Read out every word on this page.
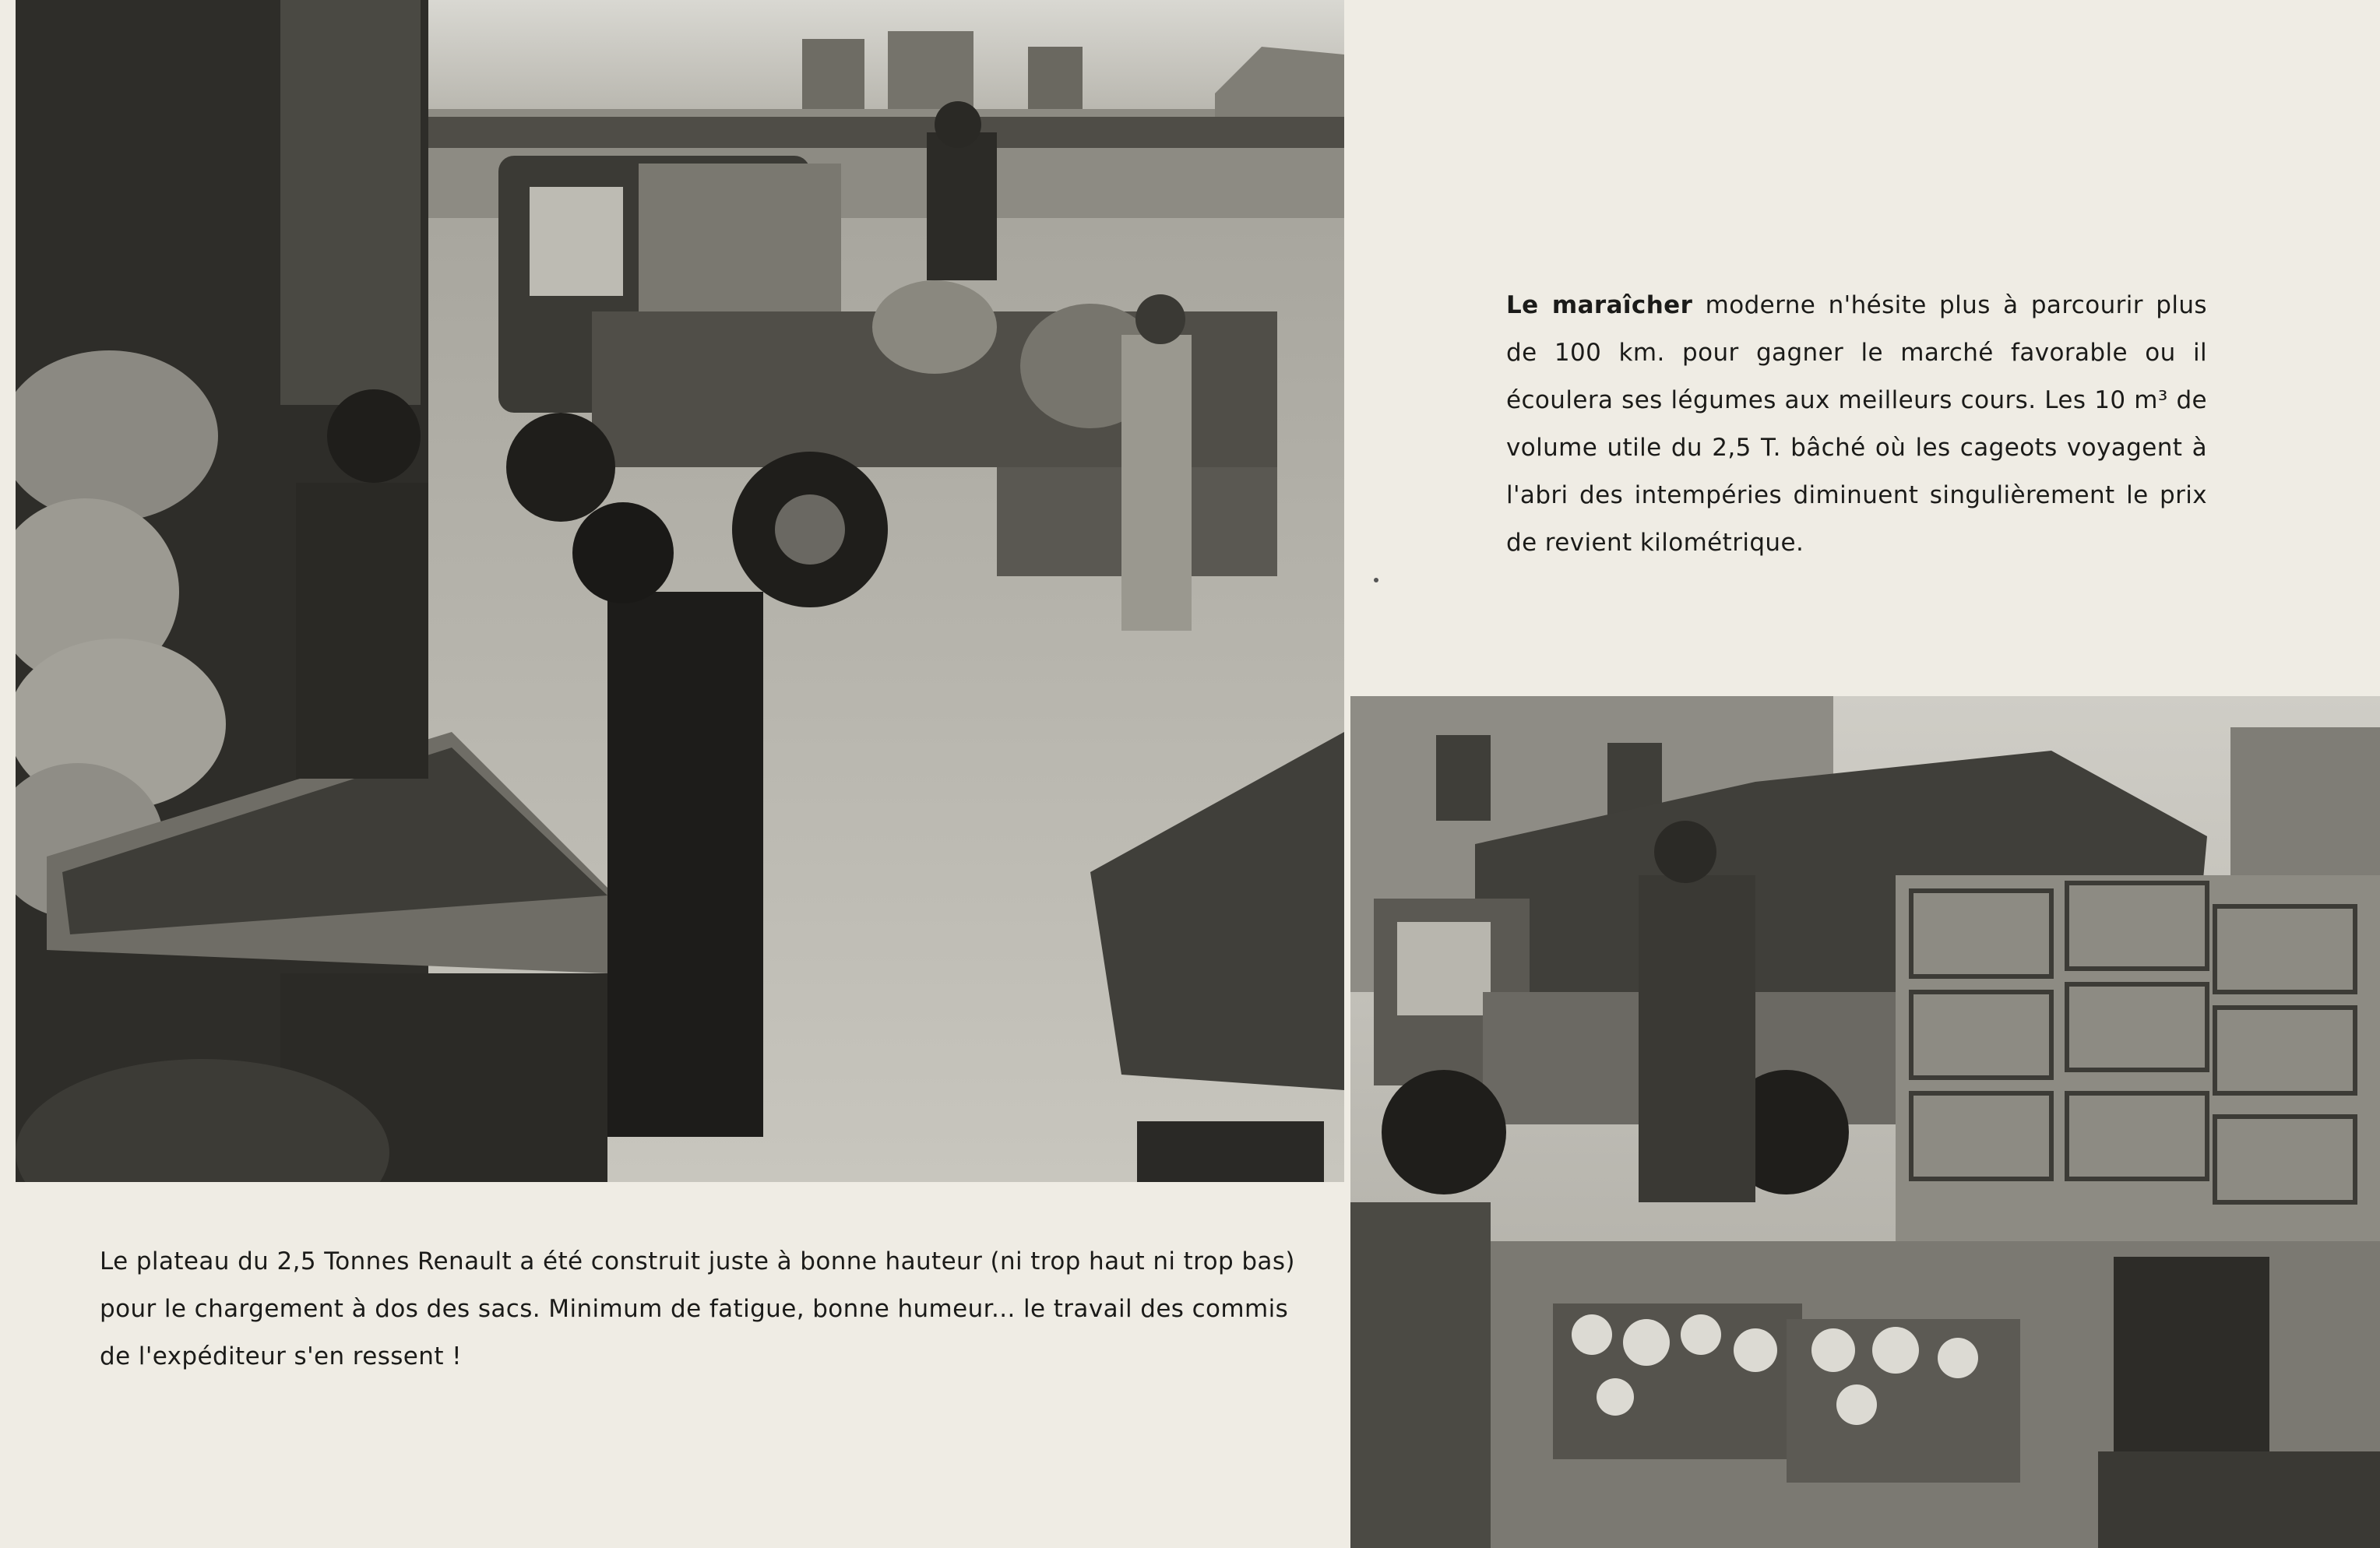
Le plateau du 2,5 Tonnes Renault a été construit juste à bonne hauteur (ni trop haut ni trop bas) pour le chargement à dos des sacs. Minimum de fatigue, bonne humeur... le travail des commis de l'expéditeur s'en ressent !
Le maraîcher moderne n'hésite plus à parcourir plus de 100 km. pour gagner le marché favorable ou il écoulera ses légumes aux meilleurs cours. Les 10 m³ de volume utile du 2,5 T. bâché où les cageots voyagent à l'abri des intempéries diminuent singulièrement le prix de revient kilométrique.
